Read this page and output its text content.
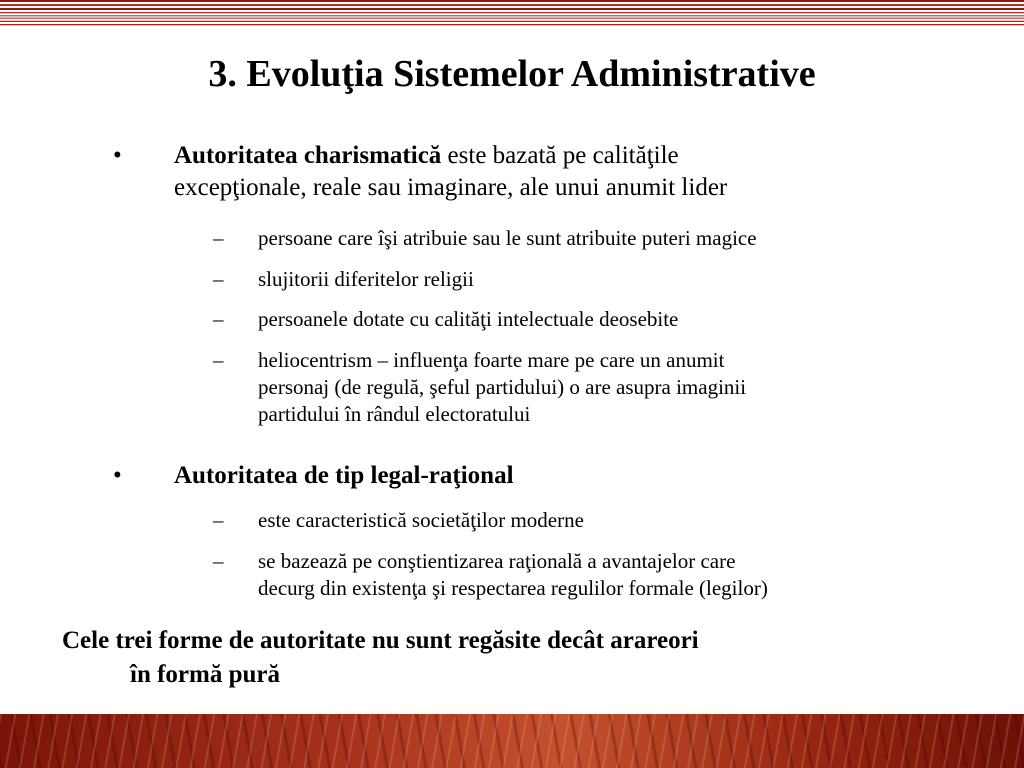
3. Evoluţia Sistemelor Administrative
• Autoritatea charismatică este bazată pe calităţile
excepţionale, reale sau imaginare, ale unui anumit lider
– persoane care îşi atribuie sau le sunt atribuite puteri magice
– slujitorii diferitelor religii
– persoanele dotate cu calităţi intelectuale deosebite
– heliocentrism – influenţa foarte mare pe care un anumit
personaj (de regulă, şeful partidului) o are asupra imaginii
partidului în rândul electoratului
• Autoritatea de tip legal-raţional
– este caracteristică societăţilor moderne
– se bazează pe conştientizarea raţională a avantajelor care
decurg din existenţa şi respectarea regulilor formale (legilor)
Cele trei forme de autoritate nu sunt regăsite decât arareori
în formă pură
